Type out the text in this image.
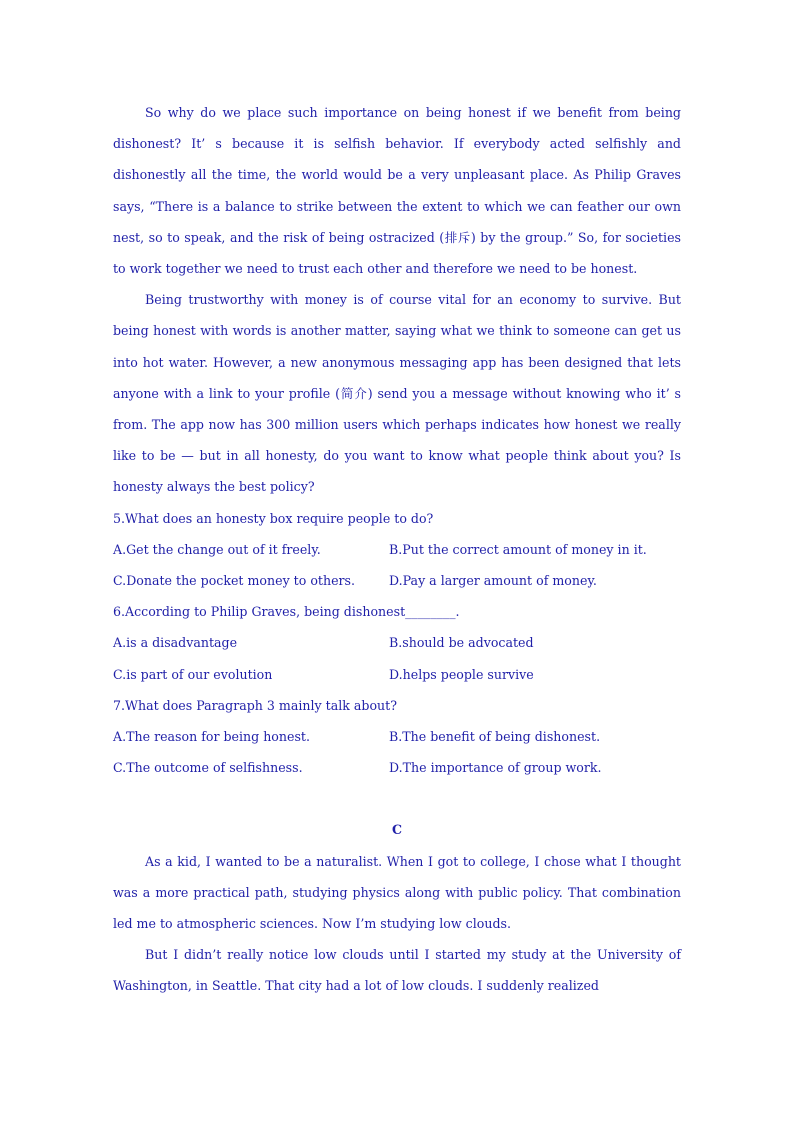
So why do we place such importance on being honest if we benefit from being dishonest? It’ s because it is selfish behavior. If everybody acted selfishly and dishonestly all the time, the world would be a very unpleasant place. As Philip Graves says, “There is a balance to strike between the extent to which we can feather our own nest, so to speak, and the risk of being ostracized (排斥) by the group.” So, for societies to work together we need to trust each other and therefore we need to be honest.

Being trustworthy with money is of course vital for an economy to survive. But being honest with words is another matter, saying what we think to someone can get us into hot water. However, a new anonymous messaging app has been designed that lets anyone with a link to your profile (简介) send you a message without knowing who it’ s from. The app now has 300 million users which perhaps indicates how honest we really like to be — but in all honesty, do you want to know what people think about you? Is honesty always the best policy?

5.What does an honesty box require people to do?

A.Get the change out of it freely.	B.Put the correct amount of money in it.
C.Donate the pocket money to others.	D.Pay a larger amount of money.

6.According to Philip Graves, being dishonest________.

A.is a disadvantage	B.should be advocated
C.is part of our evolution	D.helps people survive

7.What does Paragraph 3 mainly talk about?

A.The reason for being honest.	B.The benefit of being dishonest.
C.The outcome of selfishness.	D.The importance of group work.

C

As a kid, I wanted to be a naturalist. When I got to college, I chose what I thought was a more practical path, studying physics along with public policy. That combination led me to atmospheric sciences. Now I’m studying low clouds.

But I didn’t really notice low clouds until I started my study at the University of Washington, in Seattle. That city had a lot of low clouds. I suddenly realized
